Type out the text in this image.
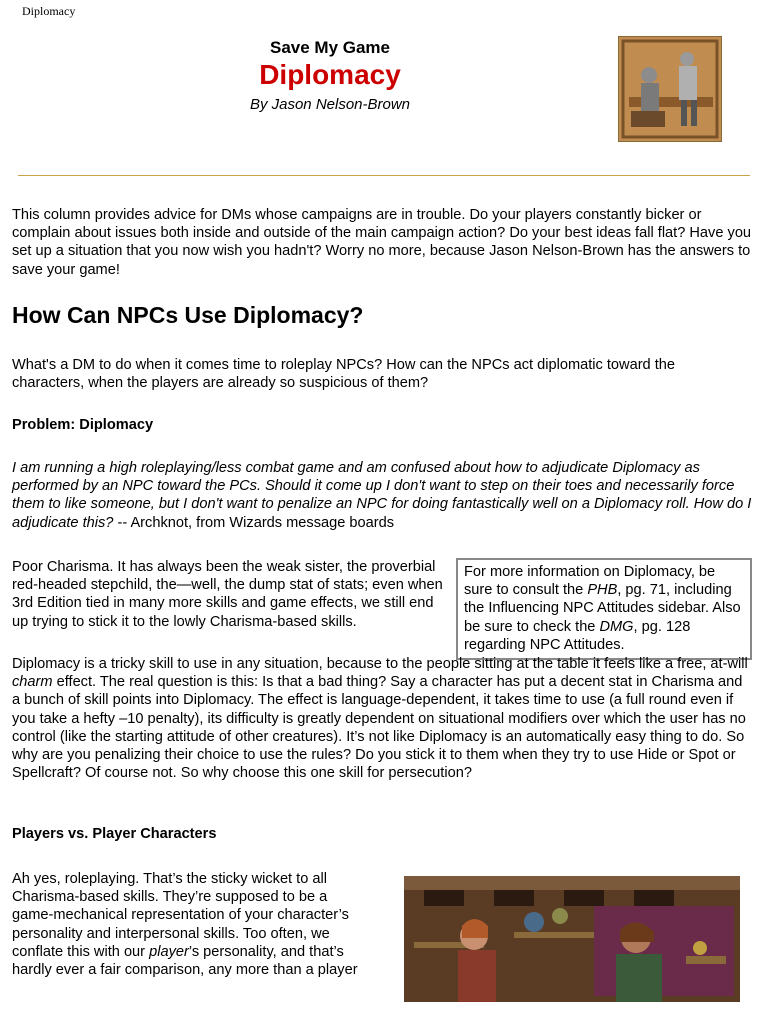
Diplomacy
Save My Game
Diplomacy
By Jason Nelson-Brown

This column provides advice for DMs whose campaigns are in trouble. Do your players constantly bicker or complain about issues both inside and outside of the main campaign action? Do your best ideas fall flat? Have you set up a situation that you now wish you hadn't? Worry no more, because Jason Nelson-Brown has the answers to save your game!

How Can NPCs Use Diplomacy?

What's a DM to do when it comes time to roleplay NPCs? How can the NPCs act diplomatic toward the characters, when the players are already so suspicious of them?

Problem: Diplomacy

I am running a high roleplaying/less combat game and am confused about how to adjudicate Diplomacy as performed by an NPC toward the PCs. Should it come up I don't want to step on their toes and necessarily force them to like someone, but I don't want to penalize an NPC for doing fantastically well on a Diplomacy roll. How do I adjudicate this? -- Archknot, from Wizards message boards

Poor Charisma. It has always been the weak sister, the proverbial red-headed stepchild, the—well, the dump stat of stats; even when 3rd Edition tied in many more skills and game effects, we still end up trying to stick it to the lowly Charisma-based skills.

For more information on Diplomacy, be sure to consult the PHB, pg. 71, including the Influencing NPC Attitudes sidebar. Also be sure to check the DMG, pg. 128 regarding NPC Attitudes.

Diplomacy is a tricky skill to use in any situation, because to the people sitting at the table it feels like a free, at-will charm effect. The real question is this: Is that a bad thing? Say a character has put a decent stat in Charisma and a bunch of skill points into Diplomacy. The effect is language-dependent, it takes time to use (a full round even if you take a hefty –10 penalty), its difficulty is greatly dependent on situational modifiers over which the user has no control (like the starting attitude of other creatures). It’s not like Diplomacy is an automatically easy thing to do. So why are you penalizing their choice to use the rules? Do you stick it to them when they try to use Hide or Spot or Spellcraft? Of course not. So why choose this one skill for persecution?

Players vs. Player Characters

Ah yes, roleplaying. That’s the sticky wicket to all Charisma-based skills. They’re supposed to be a game-mechanical representation of your character’s personality and interpersonal skills. Too often, we conflate this with our player’s personality, and that’s hardly ever a fair comparison, any more than a player
